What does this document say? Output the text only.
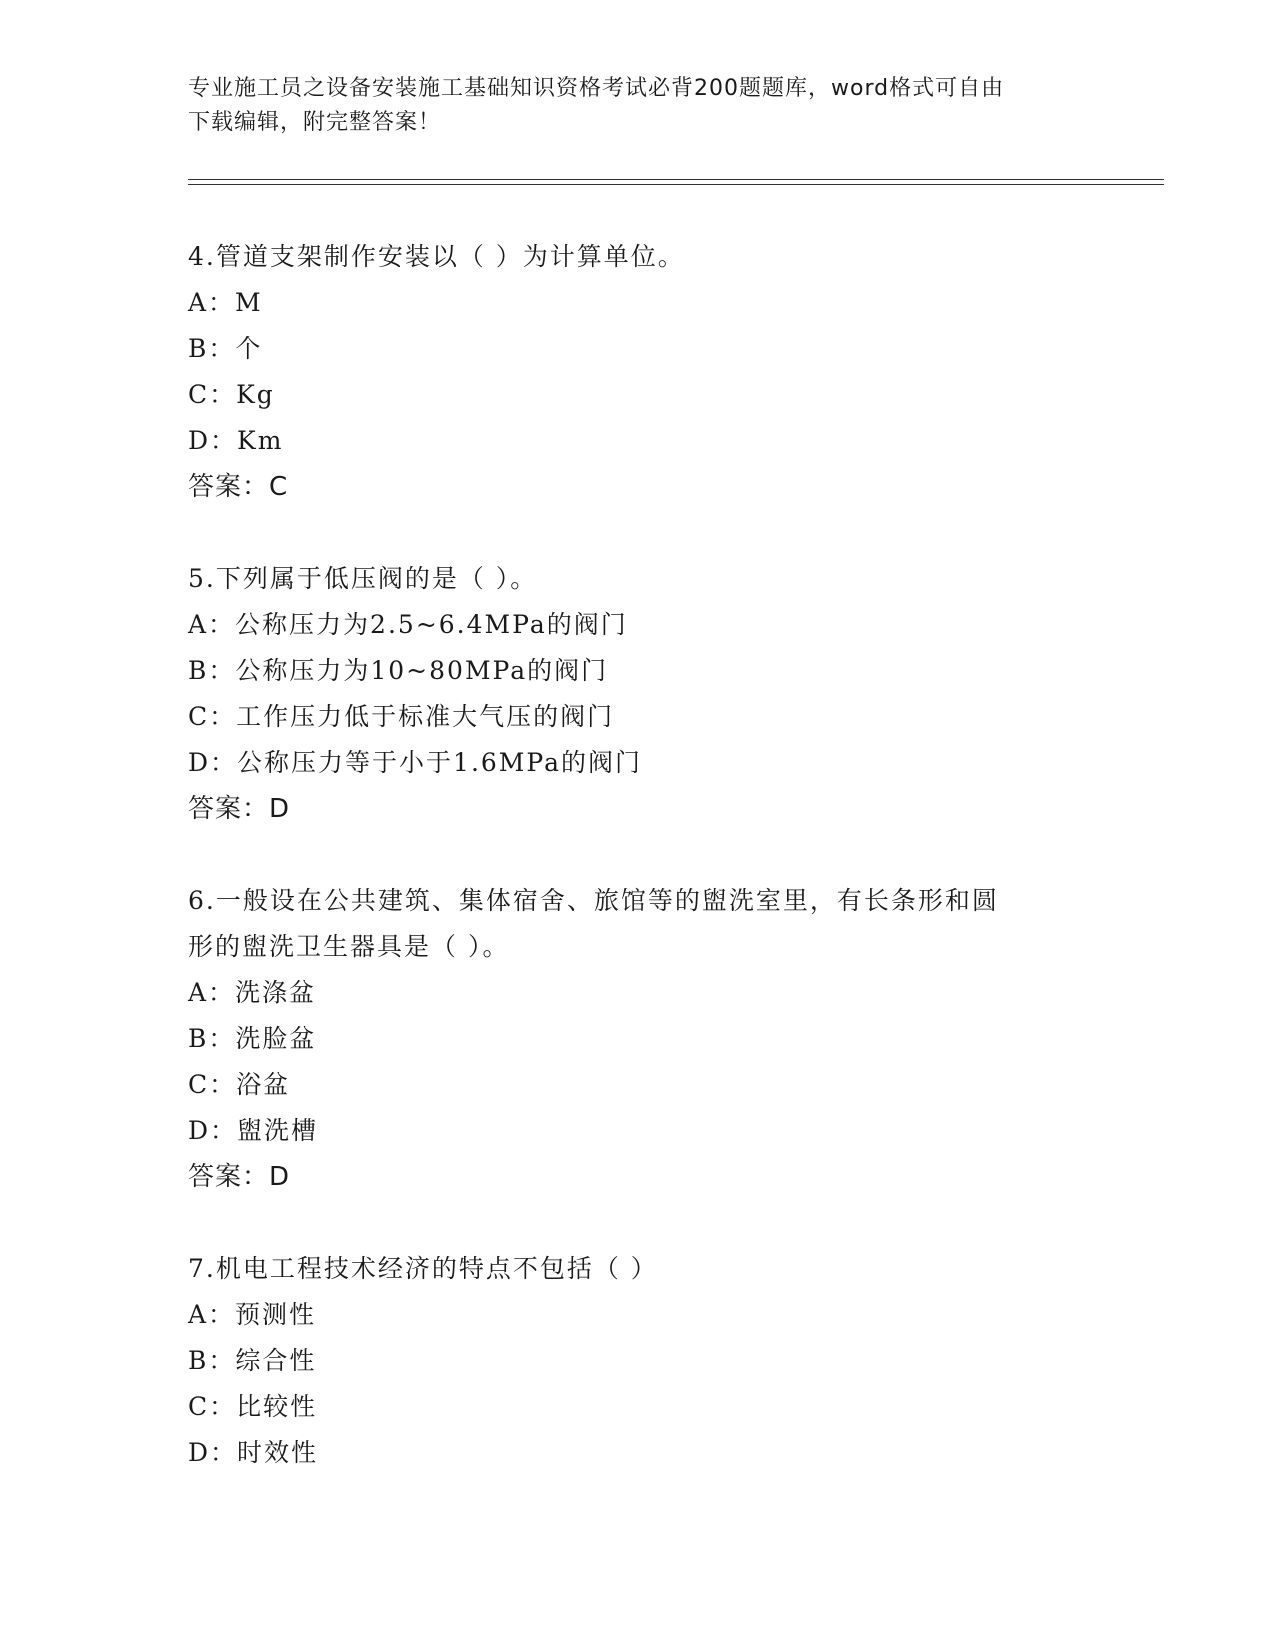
专业施工员之设备安装施工基础知识资格考试必背200题题库，word格式可自由
下载编辑，附完整答案！
4.管道支架制作安装以（ ）为计算单位。
A：M
B：个
C：Kg
D：Km
答案：C
5.下列属于低压阀的是（ ）。
A：公称压力为2.5~6.4MPa的阀门
B：公称压力为10~80MPa的阀门
C：工作压力低于标准大气压的阀门
D：公称压力等于小于1.6MPa的阀门
答案：D
6.一般设在公共建筑、集体宿舍、旅馆等的盥洗室里，有长条形和圆
形的盥洗卫生器具是（ ）。
A：洗涤盆
B：洗脸盆
C：浴盆
D：盥洗槽
答案：D
7.机电工程技术经济的特点不包括（ ）
A：预测性
B：综合性
C：比较性
D：时效性
